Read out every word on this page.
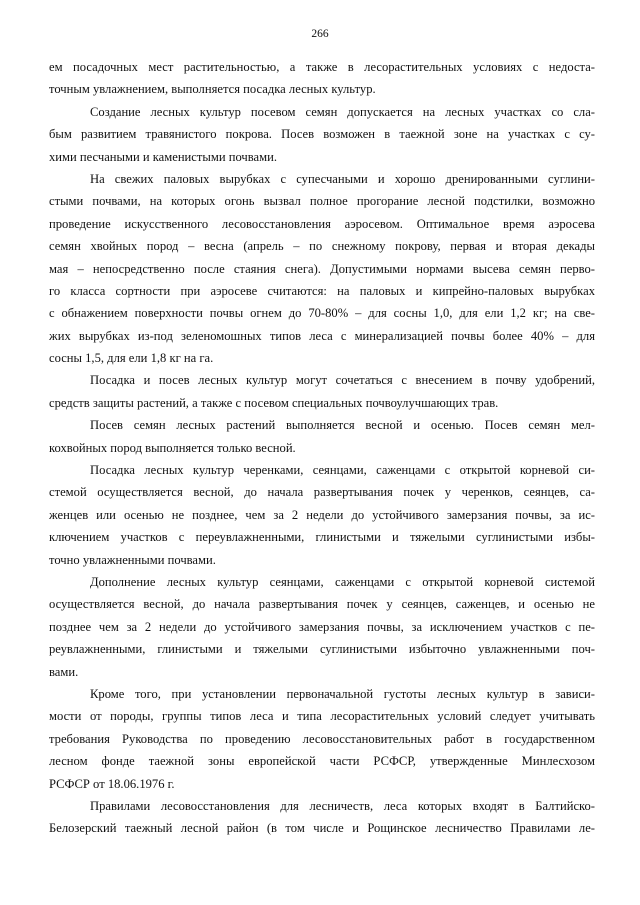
266
ем посадочных мест растительностью, а также в лесорастительных условиях с недоста-
точным увлажнением, выполняется посадка лесных культур.
Создание лесных культур посевом семян допускается на лесных участках со сла-
бым развитием травянистого покрова. Посев возможен в таежной зоне на участках с су-
хими песчаными и каменистыми почвами.
На свежих паловых вырубках с супесчаными и хорошо дренированными суглини-
стыми почвами, на которых огонь вызвал полное прогорание лесной подстилки, возможно
проведение искусственного лесовосстановления аэросевом. Оптимальное время аэросева
семян хвойных пород – весна (апрель – по снежному покрову, первая и вторая декады
мая – непосредственно после стаяния снега). Допустимыми нормами высева семян перво-
го класса сортности при аэросеве считаются: на паловых и кипрейно-паловых вырубках
с обнажением поверхности почвы огнем до 70-80% – для сосны 1,0, для ели 1,2 кг; на све-
жих вырубках из-под зеленомошных типов леса с минерализацией почвы более 40% – для
сосны 1,5, для ели 1,8 кг на га.
Посадка и посев лесных культур могут сочетаться с внесением в почву удобрений,
средств защиты растений, а также с посевом специальных почвоулучшающих трав.
Посев семян лесных растений выполняется весной и осенью. Посев семян мел-
кохвойных пород выполняется только весной.
Посадка лесных культур черенками, сеянцами, саженцами с открытой корневой си-
стемой осуществляется весной, до начала развертывания почек у черенков, сеянцев, са-
женцев или осенью не позднее, чем за 2 недели до устойчивого замерзания почвы, за ис-
ключением участков с переувлажненными, глинистыми и тяжелыми суглинистыми избы-
точно увлажненными почвами.
Дополнение лесных культур сеянцами, саженцами с открытой корневой системой
осуществляется весной, до начала развертывания почек у сеянцев, саженцев, и осенью не
позднее чем за 2 недели до устойчивого замерзания почвы, за исключением участков с пе-
реувлажненными, глинистыми и тяжелыми суглинистыми избыточно увлажненными поч-
вами.
Кроме того, при установлении первоначальной густоты лесных культур в зависи-
мости от породы, группы типов леса и типа лесорастительных условий следует учитывать
требования Руководства по проведению лесовосстановительных работ в государственном
лесном фонде таежной зоны европейской части РСФСР, утвержденные Минлесхозом
РСФСР от 18.06.1976 г.
Правилами лесовосстановления для лесничеств, леса которых входят в Балтийско-
Белозерский таежный лесной район (в том числе и Рощинское лесничество Правилами ле-
